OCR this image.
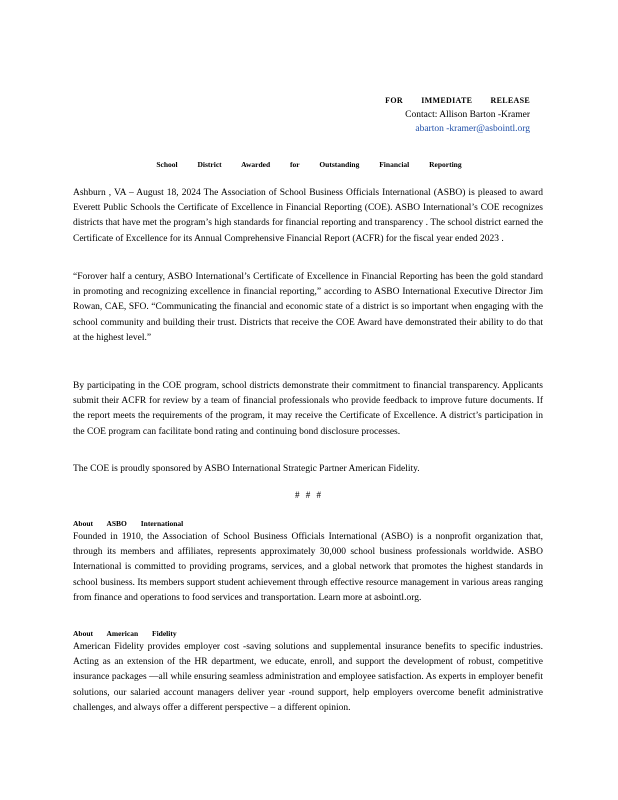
FOR IMMEDIATE RELEASE
Contact: Allison Barton -Kramer
abarton -kramer@asbointl.org
School District Awarded for Outstanding Financial Reporting

Ashburn , VA – August 18, 2024 The Association of School Business Officials International (ASBO) is pleased to award Everett Public Schools the Certificate of Excellence in Financial Reporting (COE). ASBO International’s COE recognizes districts that have met the program’s high standards for financial reporting and transparency . The school district earned the Certificate of Excellence for its Annual Comprehensive Financial Report (ACFR) for the fiscal year ended 2023 .

“Forover half a century, ASBO International’s Certificate of Excellence in Financial Reporting has been the gold standard in promoting and recognizing excellence in financial reporting,” according to ASBO International Executive Director Jim Rowan, CAE, SFO. “Communicating the financial and economic state of a district is so important when engaging with the school community and building their trust. Districts that receive the COE Award have demonstrated their ability to do that at the highest level.”

By participating in the COE program, school districts demonstrate their commitment to financial transparency. Applicants submit their ACFR for review by a team of financial professionals who provide feedback to improve future documents. If the report meets the requirements of the program, it may receive the Certificate of Excellence. A district’s participation in the COE program can facilitate bond rating and continuing bond disclosure processes.

The COE is proudly sponsored by ASBO International Strategic Partner American Fidelity.

# # #
About ASBO International

Founded in 1910, the Association of School Business Officials International (ASBO) is a nonprofit organization that, through its members and affiliates, represents approximately 30,000 school business professionals worldwide. ASBO International is committed to providing programs, services, and a global network that promotes the highest standards in school business. Its members support student achievement through effective resource management in various areas ranging from finance and operations to food services and transportation. Learn more at asbointl.org.

About American Fidelity

American Fidelity provides employer cost -saving solutions and supplemental insurance benefits to specific industries. Acting as an extension of the HR department, we educate, enroll, and support the development of robust, competitive insurance packages —all while ensuring seamless administration and employee satisfaction. As experts in employer benefit solutions, our salaried account managers deliver year -round support, help employers overcome benefit administrative challenges, and always offer a different perspective – a different opinion.
